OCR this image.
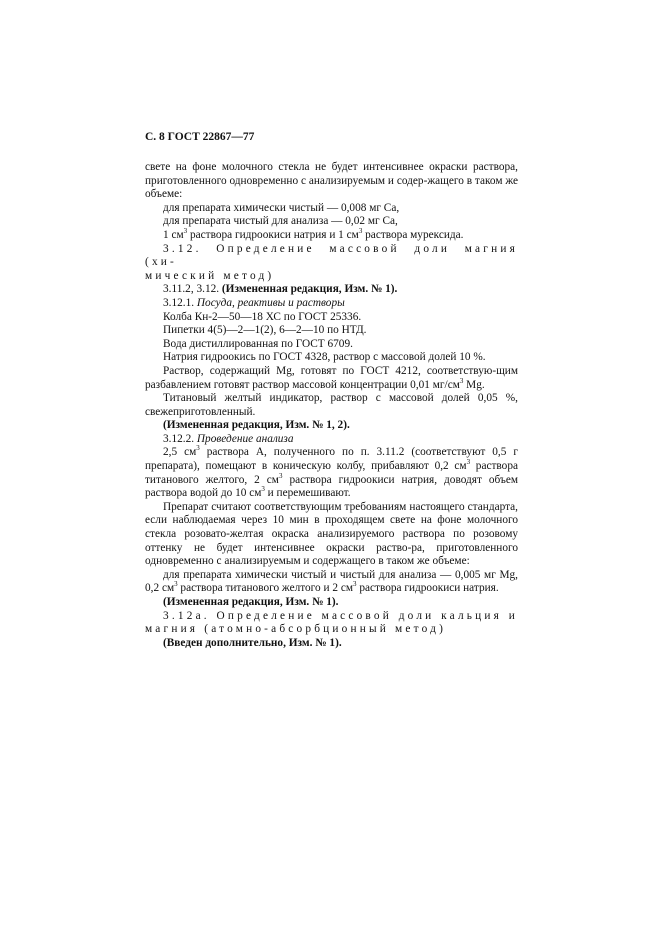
С. 8 ГОСТ 22867—77

свете на фоне молочного стекла не будет интенсивнее окраски раствора, приготовленного одновременно с анализируемым и содер-жащего в таком же объеме:

для препарата химически чистый — 0,008 мг Са,

для препарата чистый для анализа — 0,02 мг Са,

1 $см^3$ раствора гидроокиси натрия и 1 $см^3$ раствора мурексида.

3.12. Определение массовой доли магния (хи-

мический метод)

3.11.2, 3.12. (Измененная редакция, Изм. № 1).

3.12.1. Посуда, реактивы и растворы

Колба Кн-2—50—18 ХС по ГОСТ 25336.

Пипетки 4(5)—2—1(2), 6—2—10 по НТД.

Вода дистиллированная по ГОСТ 6709.

Натрия гидроокись по ГОСТ 4328, раствор с массовой долей 10 %.

Раствор, содержащий Mg, готовят по ГОСТ 4212, соответствую-щим разбавлением готовят раствор массовой концентрации 0,01 $мг/см^3$ Mg.

Титановый желтый индикатор, раствор с массовой долей 0,05 %, свежеприготовленный.

(Измененная редакция, Изм. № 1, 2).

3.12.2. Проведение анализа

2,5 $см^3$ раствора А, полученного по п. 3.11.2 (соответствуют 0,5 г препарата), помещают в коническую колбу, прибавляют 0,2 $см^3$ раствора титанового желтого, 2 $см^3$ раствора гидроокиси натрия, доводят объем раствора водой до 10 $см^3$ и перемешивают.

Препарат считают соответствующим требованиям настоящего стандарта, если наблюдаемая через 10 мин в проходящем свете на фоне молочного стекла розовато-желтая окраска анализируемого раствора по розовому оттенку не будет интенсивнее окраски раство-ра, приготовленного одновременно с анализируемым и содержащего в таком же объеме:

для препарата химически чистый и чистый для анализа — 0,005 мг Mg, 0,2 $см^3$ раствора титанового желтого и 2 $см^3$ раствора гидроокиси натрия.

(Измененная редакция, Изм. № 1).

3.12а. Определение массовой доли кальция и

магния (атомно-абсорбционный метод)

(Введен дополнительно, Изм. № 1).
